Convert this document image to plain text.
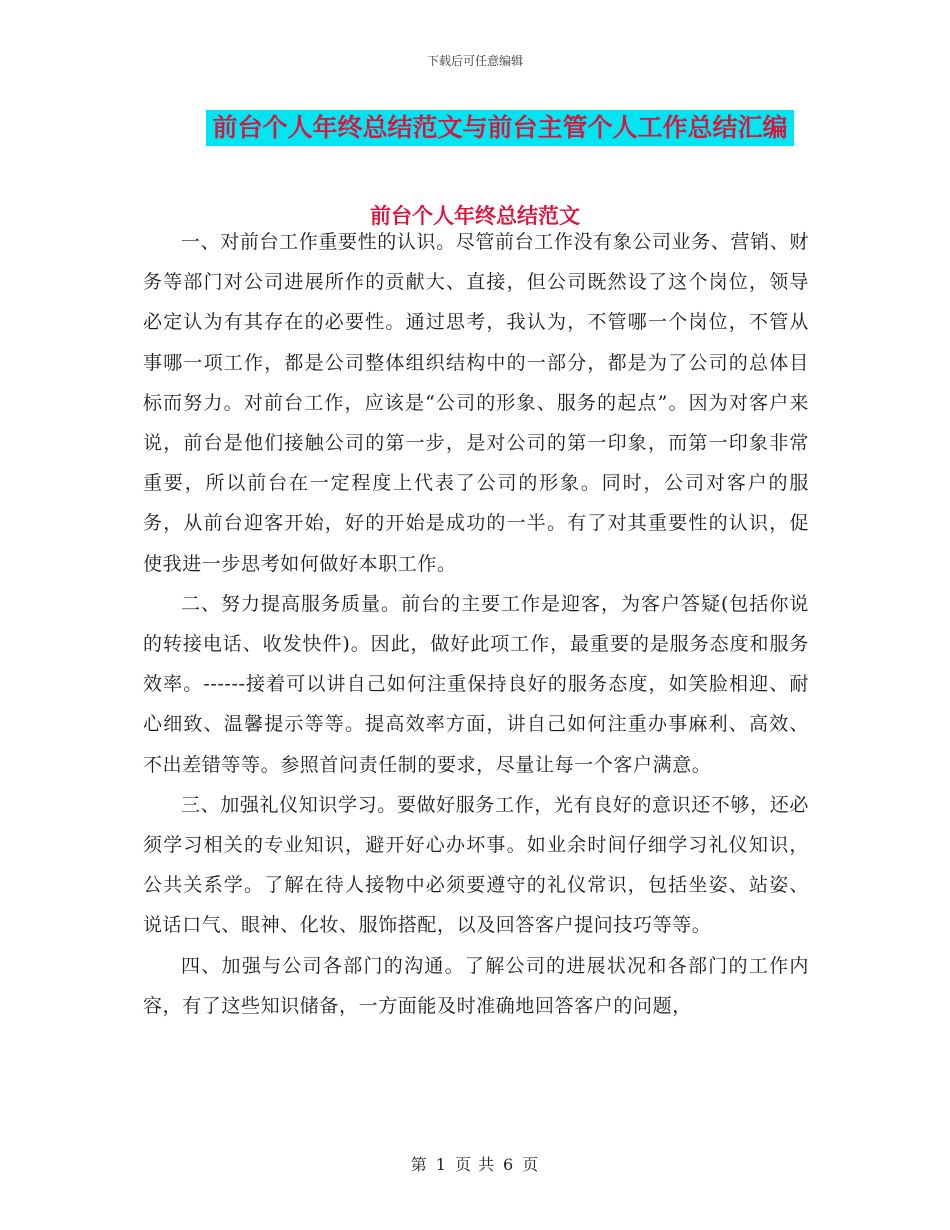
下载后可任意编辑
前台个人年终总结范文与前台主管个人工作总结汇编
前台个人年终总结范文

一、对前台工作重要性的认识。尽管前台工作没有象公司业务、营销、财务等部门对公司进展所作的贡献大、直接，但公司既然设了这个岗位，领导必定认为有其存在的必要性。通过思考，我认为，不管哪一个岗位，不管从事哪一项工作，都是公司整体组织结构中的一部分，都是为了公司的总体目标而努力。对前台工作，应该是“公司的形象、服务的起点”。因为对客户来说，前台是他们接触公司的第一步，是对公司的第一印象，而第一印象非常重要，所以前台在一定程度上代表了公司的形象。同时，公司对客户的服务，从前台迎客开始，好的开始是成功的一半。有了对其重要性的认识，促使我进一步思考如何做好本职工作。

二、努力提高服务质量。前台的主要工作是迎客，为客户答疑(包括你说的转接电话、收发快件)。因此，做好此项工作，最重要的是服务态度和服务效率。------接着可以讲自己如何注重保持良好的服务态度，如笑脸相迎、耐心细致、温馨提示等等。提高效率方面，讲自己如何注重办事麻利、高效、不出差错等等。参照首问责任制的要求，尽量让每一个客户满意。

三、加强礼仪知识学习。要做好服务工作，光有良好的意识还不够，还必须学习相关的专业知识，避开好心办坏事。如业余时间仔细学习礼仪知识，公共关系学。了解在待人接物中必须要遵守的礼仪常识，包括坐姿、站姿、说话口气、眼神、化妆、服饰搭配，以及回答客户提问技巧等等。

四、加强与公司各部门的沟通。了解公司的进展状况和各部门的工作内容，有了这些知识储备，一方面能及时准确地回答客户的问题，

第 1 页 共 6 页
